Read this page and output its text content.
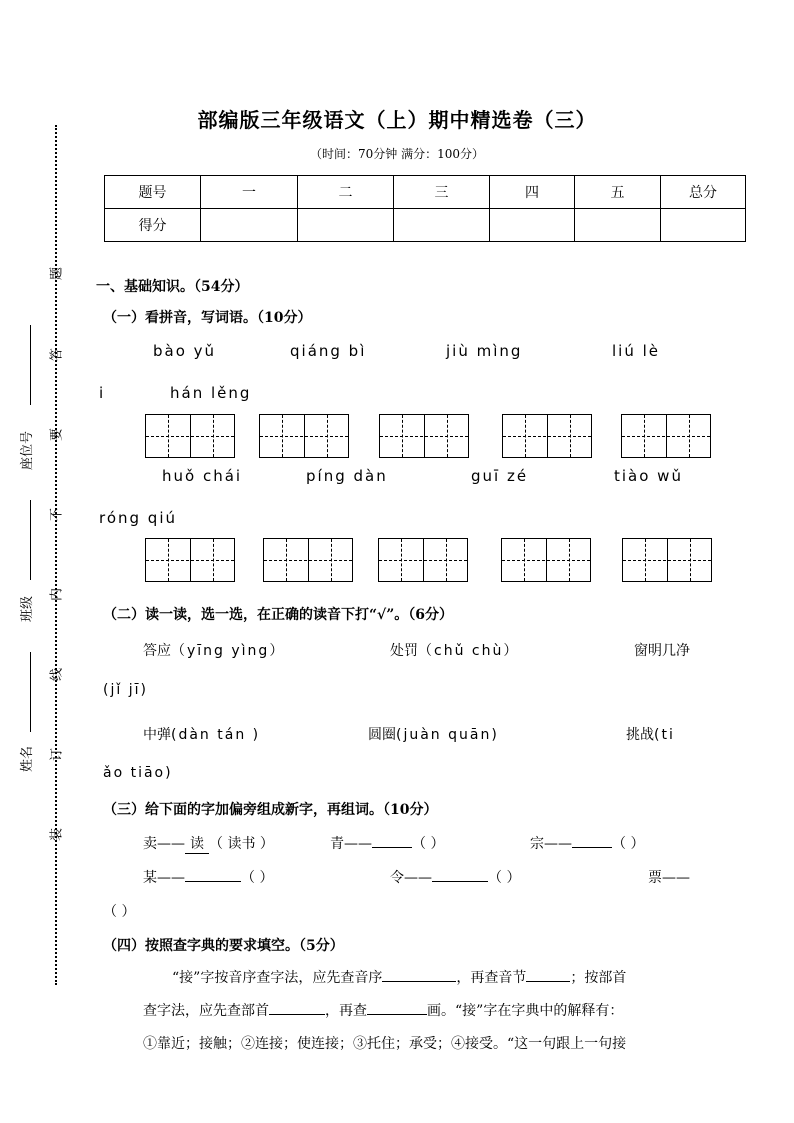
题
答
要
不
内
线
订
装
座位号
班级
姓名
部编版三年级语文（上）期中精选卷（三）
（时间：70分钟 满分：100分）
题号	一	二	三	四	五	总分
得分						
一、基础知识。（54分）
（一）看拼音，写词语。（10分）
bào yǔ	qiáng bì	jiù mìng	liú lè
i	hán lěng
huǒ chái	píng dàn	guī zé	tiào wǔ
róng qiú
（二）读一读，选一选，在正确的读音下打“√”。（6分）
答应（yīng yìng）	处罚（chǔ chù）	窗明几净
(jǐ jī)
中弹(dàn tán )	圆圈(juàn quān)	挑战(ti
ǎo tiāo)
（三）给下面的字加偏旁组成新字，再组词。（10分）
卖—— 读 （ 读书 ）	青——	（ ）	宗——	（ ）
某——	（ ）	令——	（ ）	票——
（ ）
（四）按照查字典的要求填空。（5分）
“接”字按音序查字法，应先查音序	，再查音节	；按部首
查字法，应先查部首	，再查	画。“接”字在字典中的解释有：
①靠近；接触；②连接；使连接；③托住；承受；④接受。“这一句跟上一句接
